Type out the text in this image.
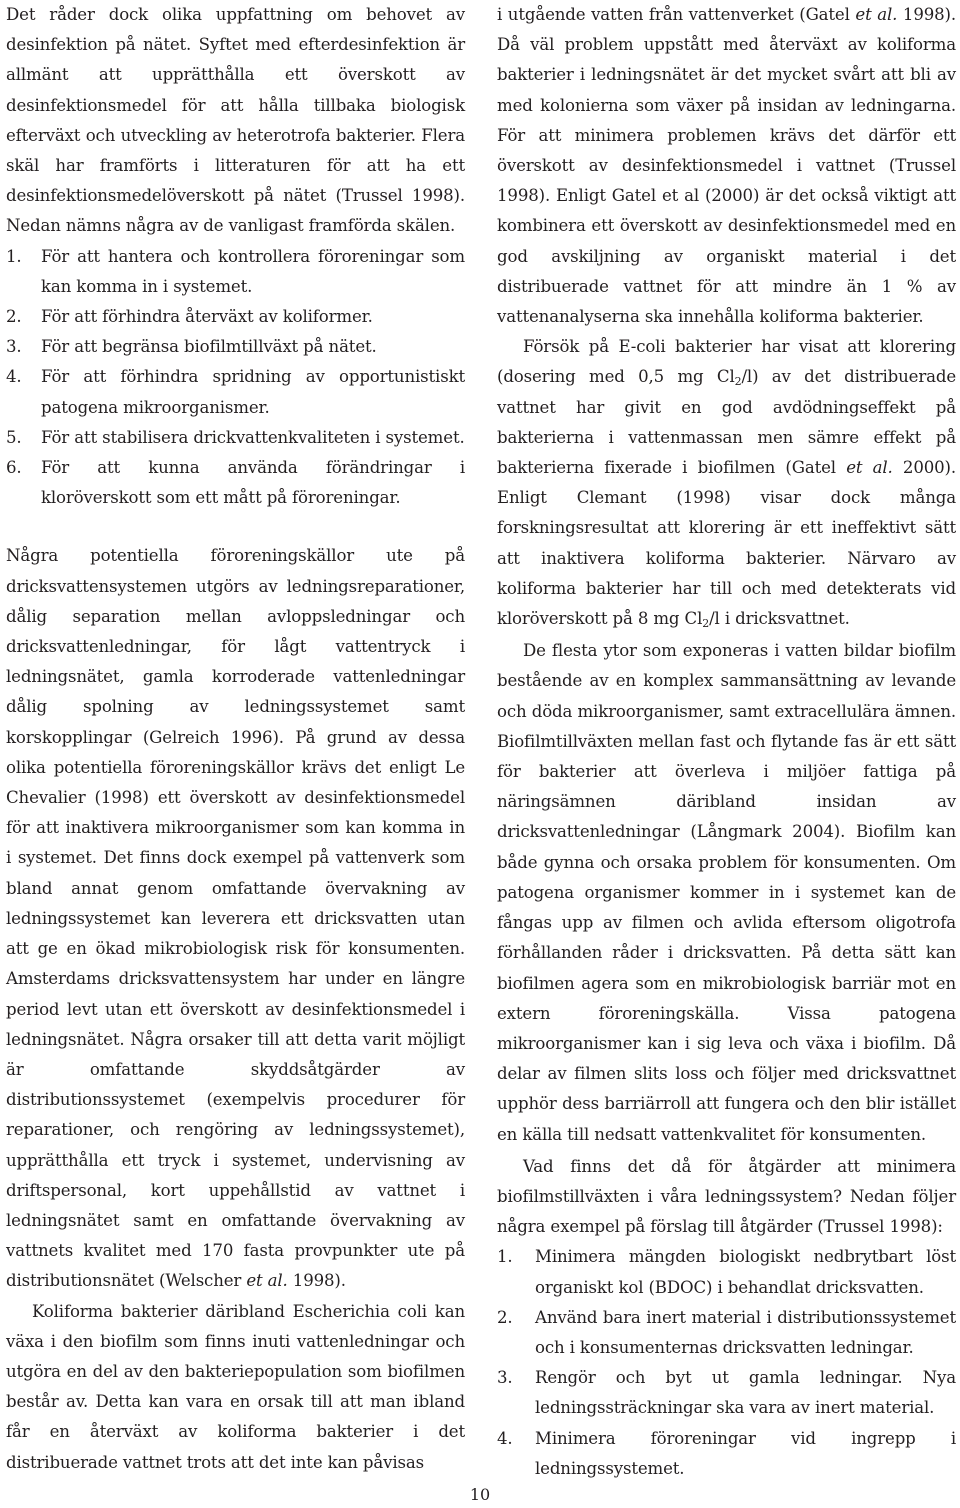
Det råder dock olika uppfattning om behovet av desinfektion på nätet. Syftet med efterdesinfektion är allmänt att upprätthålla ett överskott av desinfektionsmedel för att hålla tillbaka biologisk efterväxt och utveckling av heterotrofa bakterier. Flera skäl har framförts i litteraturen för att ha ett desinfektionsmedelöverskott på nätet (Trussel 1998). Nedan nämns några av de vanligast framförda skälen.

1. För att hantera och kontrollera föroreningar som kan komma in i systemet.
2. För att förhindra återväxt av koliformer.
3. För att begränsa biofilmtillväxt på nätet.
4. För att förhindra spridning av opportunistiskt patogena mikroorganismer.
5. För att stabilisera drickvattenkvaliteten i systemet.
6. För att kunna använda förändringar i kloröverskott som ett mått på föroreningar.

Några potentiella föroreningskällor ute på dricksvattensystemen utgörs av ledningsreparationer, dålig separation mellan avloppsledningar och dricksvattenledningar, för lågt vattentryck i ledningsnätet, gamla korroderade vattenledningar dålig spolning av ledningssystemet samt korskopplingar (Gelreich 1996). På grund av dessa olika potentiella föroreningskällor krävs det enligt Le Chevalier (1998) ett överskott av desinfektionsmedel för att inaktivera mikroorganismer som kan komma in i systemet. Det finns dock exempel på vattenverk som bland annat genom omfattande övervakning av ledningssystemet kan leverera ett dricksvatten utan att ge en ökad mikrobiologisk risk för konsumenten. Amsterdams dricksvattensystem har under en längre period levt utan ett överskott av desinfektionsmedel i ledningsnätet. Några orsaker till att detta varit möjligt är omfattande skyddsåtgärder av distributionssystemet (exempelvis procedurer för reparationer, och rengöring av ledningssystemet), upprätthålla ett tryck i systemet, undervisning av driftspersonal, kort uppehållstid av vattnet i ledningsnätet samt en omfattande övervakning av vattnets kvalitet med 170 fasta provpunkter ute på distributionsnätet (Welscher et al. 1998).

Koliforma bakterier däribland Escherichia coli kan växa i den biofilm som finns inuti vattenledningar och utgöra en del av den bakteriepopulation som biofilmen består av. Detta kan vara en orsak till att man ibland får en återväxt av koliforma bakterier i det distribuerade vattnet trots att det inte kan påvisas

i utgående vatten från vattenverket (Gatel et al. 1998). Då väl problem uppstått med återväxt av koliforma bakterier i ledningsnätet är det mycket svårt att bli av med kolonierna som växer på insidan av ledningarna. För att minimera problemen krävs det därför ett överskott av desinfektionsmedel i vattnet (Trussel 1998). Enligt Gatel et al (2000) är det också viktigt att kombinera ett överskott av desinfektionsmedel med en god avskiljning av organiskt material i det distribuerade vattnet för att mindre än 1 % av vattenanalyserna ska innehålla koliforma bakterier.

Försök på E-coli bakterier har visat att klorering (dosering med 0,5 mg $Cl_2/l$) av det distribuerade vattnet har givit en god avdödningseffekt på bakterierna i vattenmassan men sämre effekt på bakterierna fixerade i biofilmen (Gatel et al. 2000). Enligt Clemant (1998) visar dock många forskningsresultat att klorering är ett ineffektivt sätt att inaktivera koliforma bakterier. Närvaro av koliforma bakterier har till och med detekterats vid kloröverskott på 8 mg $Cl_2/l$ i dricksvattnet.

De flesta ytor som exponeras i vatten bildar biofilm bestående av en komplex sammansättning av levande och döda mikroorganismer, samt extracellulära ämnen. Biofilmtillväxten mellan fast och flytande fas är ett sätt för bakterier att överleva i miljöer fattiga på näringsämnen däribland insidan av dricksvattenledningar (Långmark 2004). Biofilm kan både gynna och orsaka problem för konsumenten. Om patogena organismer kommer in i systemet kan de fångas upp av filmen och avlida eftersom oligotrofa förhållanden råder i dricksvatten. På detta sätt kan biofilmen agera som en mikrobiologisk barriär mot en extern föroreningskälla. Vissa patogena mikroorganismer kan i sig leva och växa i biofilm. Då delar av filmen slits loss och följer med dricksvattnet upphör dess barriärroll att fungera och den blir istället en källa till nedsatt vattenkvalitet för konsumenten.

Vad finns det då för åtgärder att minimera biofilmstillväxten i våra ledningssystem? Nedan följer några exempel på förslag till åtgärder (Trussel 1998):

1. Minimera mängden biologiskt nedbrytbart löst organiskt kol (BDOC) i behandlat dricksvatten.
2. Använd bara inert material i distributionssystemet och i konsumenternas dricksvatten ledningar.
3. Rengör och byt ut gamla ledningar. Nya ledningssträckningar ska vara av inert material.
4. Minimera föroreningar vid ingrepp i ledningssystemet.
10
